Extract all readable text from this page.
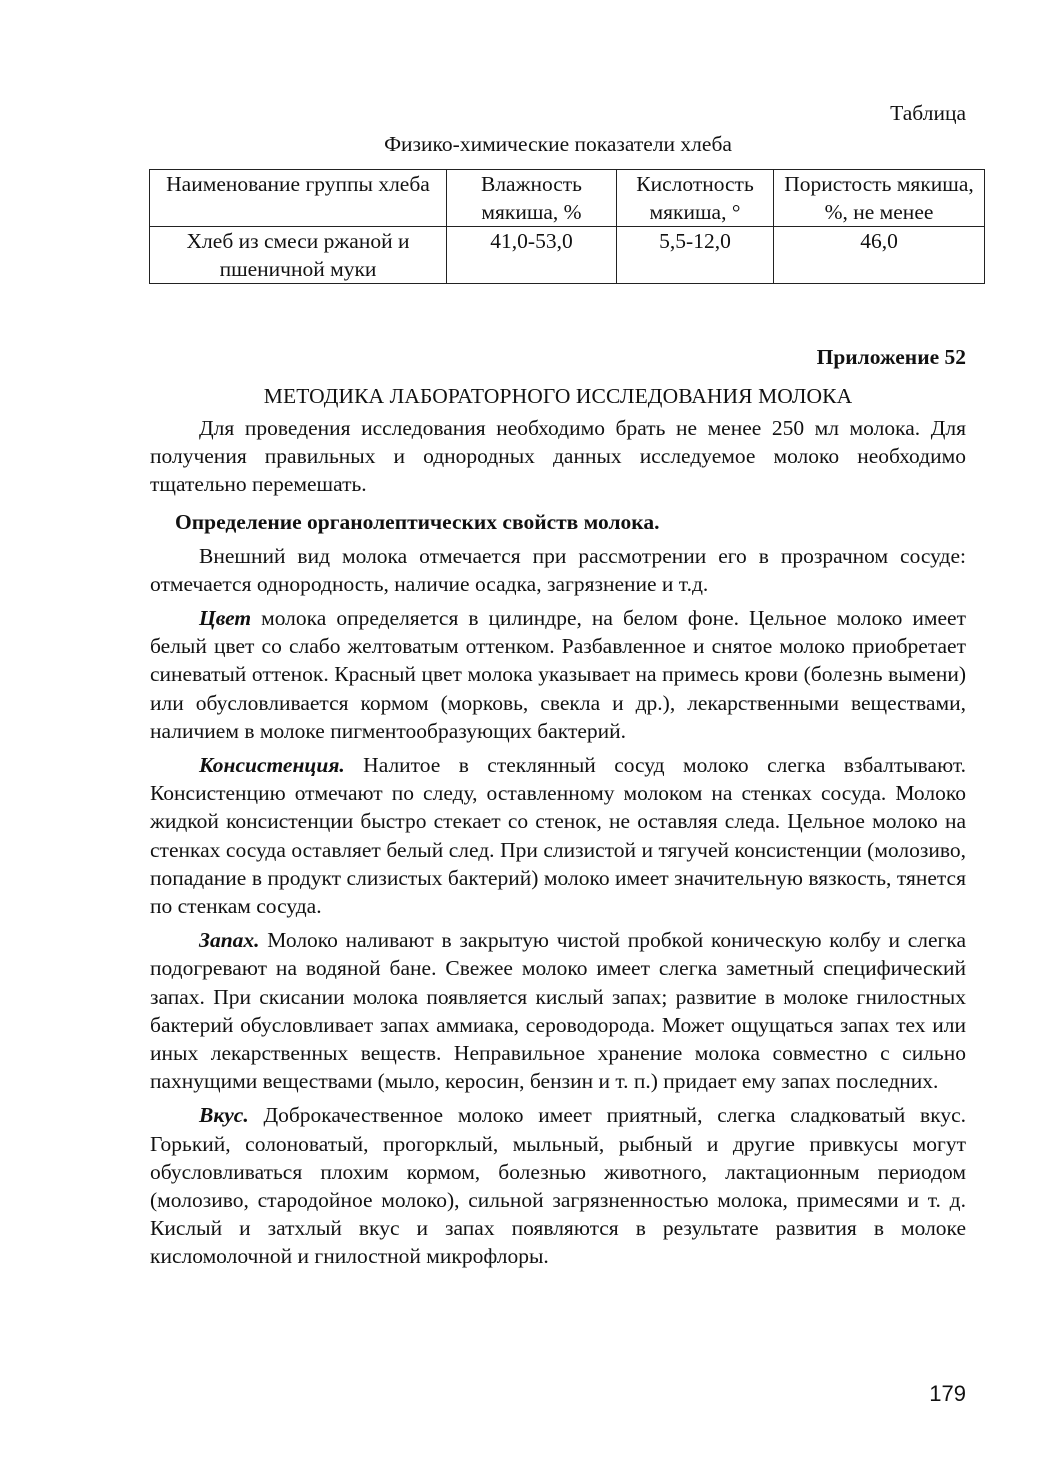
Таблица
Физико-химические показатели хлеба
Наименование группы хлеба	Влажность мякиша, %	Кислотность мякиша, °	Пористость мякиша, %, не менее
Хлеб из смеси ржаной и пшеничной муки	41,0-53,0	5,5-12,0	46,0
Приложение 52
МЕТОДИКА ЛАБОРАТОРНОГО ИССЛЕДОВАНИЯ МОЛОКА

Для проведения исследования необходимо брать не менее 250 мл молока. Для получения правильных и однородных данных исследуемое молоко необходимо тщательно перемешать.

Определение органолептических свойств молока.

Внешний вид молока отмечается при рассмотрении его в прозрачном сосуде: отмечается однородность, наличие осадка, загрязнение и т.д.

Цвет молока определяется в цилиндре, на белом фоне. Цельное молоко имеет белый цвет со слабо желтоватым оттенком. Разбавленное и снятое молоко приобретает синеватый оттенок. Красный цвет молока указывает на примесь крови (болезнь вымени) или обусловливается кормом (морковь, свекла и др.), лекарственными веществами, наличием в молоке пигментообразующих бактерий.

Консистенция. Налитое в стеклянный сосуд молоко слегка взбалтывают. Консистенцию отмечают по следу, оставленному молоком на стенках сосуда. Молоко жидкой консистенции быстро стекает со стенок, не оставляя следа. Цельное молоко на стенках сосуда оставляет белый след. При слизистой и тягучей консистенции (молозиво, попадание в продукт слизистых бактерий) молоко имеет значительную вязкость, тянется по стенкам сосуда.

Запах. Молоко наливают в закрытую чистой пробкой коническую колбу и слегка подогревают на водяной бане. Свежее молоко имеет слегка заметный специфический запах. При скисании молока появляется кислый запах; развитие в молоке гнилостных бактерий обусловливает запах аммиака, сероводорода. Может ощущаться запах тех или иных лекарственных веществ. Неправильное хранение молока совместно с сильно пахнущими веществами (мыло, керосин, бензин и т. п.) придает ему запах последних.

Вкус. Доброкачественное молоко имеет приятный, слегка сладковатый вкус. Горький, солоноватый, прогорклый, мыльный, рыбный и другие привкусы могут обусловливаться плохим кормом, болезнью животного, лактационным периодом (молозиво, стародойное молоко), сильной загрязненностью молока, примесями и т. д. Кислый и затхлый вкус и запах появляются в результате развития в молоке кисломолочной и гнилостной микрофлоры.

179
